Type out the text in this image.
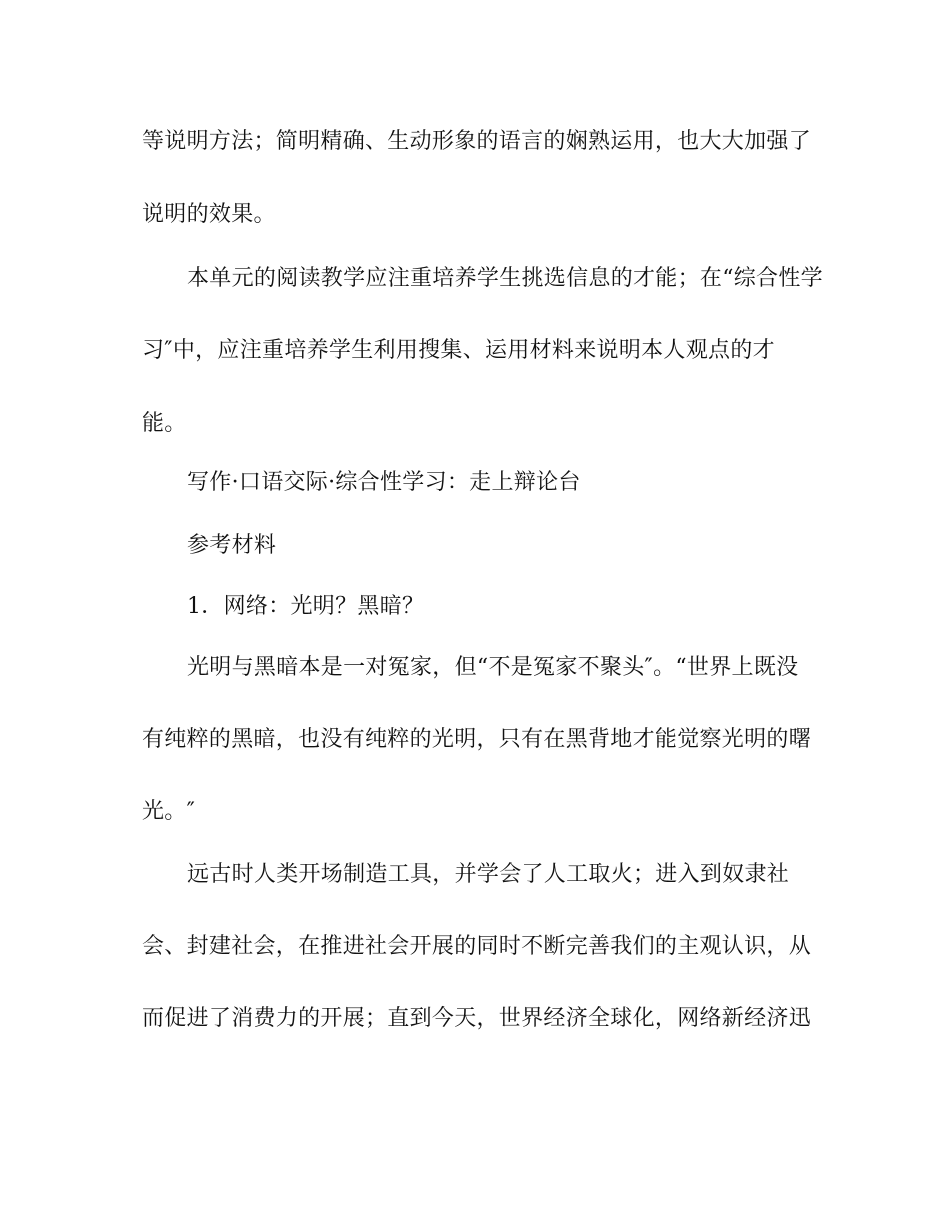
等说明方法；简明精确、生动形象的语言的娴熟运用，也大大加强了
说明的效果。
本单元的阅读教学应注重培养学生挑选信息的才能；在“综合性学
习″中，应注重培养学生利用搜集、运用材料来说明本人观点的才
能。
写作·口语交际·综合性学习：走上辩论台
参考材料
1．网络：光明？黑暗？
光明与黑暗本是一对冤家，但“不是冤家不聚头″。“世界上既没
有纯粹的黑暗，也没有纯粹的光明，只有在黑背地才能觉察光明的曙
光。″
远古时人类开场制造工具，并学会了人工取火；进入到奴隶社
会、封建社会，在推进社会开展的同时不断完善我们的主观认识，从
而促进了消费力的开展；直到今天，世界经济全球化，网络新经济迅
